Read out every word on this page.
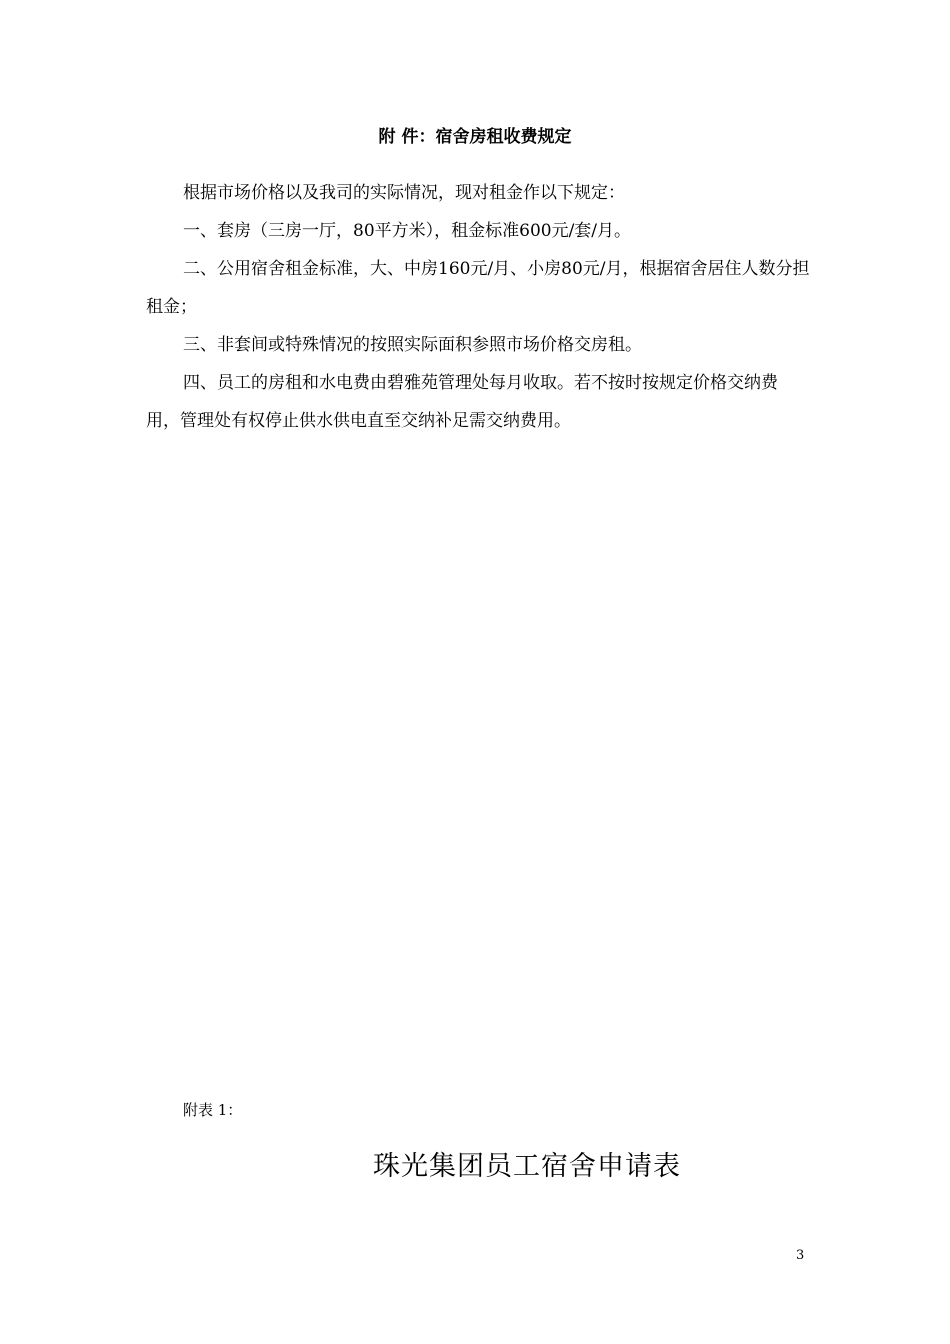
附 件：宿舍房租收费规定

根据市场价格以及我司的实际情况，现对租金作以下规定：

一、套房（三房一厅，80平方米），租金标准600元/套/月。

二、公用宿舍租金标准，大、中房160元/月、小房80元/月，根据宿舍居住人数分担租金；

三、非套间或特殊情况的按照实际面积参照市场价格交房租。

四、员工的房租和水电费由碧雅苑管理处每月收取。若不按时按规定价格交纳费用，管理处有权停止供水供电直至交纳补足需交纳费用。

附表 1：
珠光集团员工宿舍申请表
3
